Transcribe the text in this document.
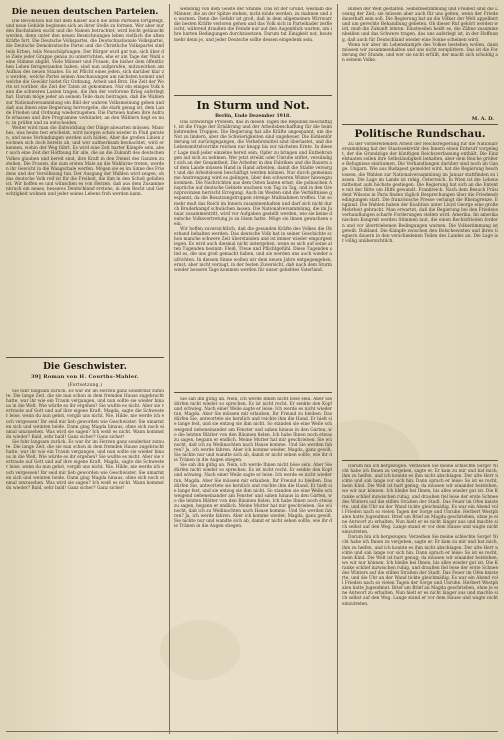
Die neuen deutschen Parteien.

Die Revolution hat mit dem Kaiser auch die alten Parteien fortgefegt, und neue Gebilde beginnen sich an ihrer Stelle zu formen. Wer aber nur den Buchstaben sucht und die Namen betrachtet, wird leicht getäuscht werden, denn unter den neuen Bezeichnungen leben vielfach die alten Kräfte fort. Die Deutsche Volkspartei, die Deutschnationale Volkspartei, die Deutsche Demokratische Partei und die Christliche Volkspartei sind teils Erben, teils Neuschöpfungen. Der Bürger wird gut tun, sich über die Ziele jeder Gruppe genau zu unterrichten, ehe er am Tage der Wahl seine Stimme abgibt. Viele Männer und Frauen, die bisher dem öffentlichen Leben ferngestanden haben, sind nun aufgerufen, mitzuwirken am Aufbau des neuen Staates. Es ist Pflicht eines jeden, sich darüber klar zu werden, welche Partei seinen Anschauungen am nächsten kommt und welche die Gewähr bietet für Ordnung, Arbeit und Brot. Die Zeit der Worte ist vorüber, die Zeit der Taten ist gekommen. Nur ein einiges Volk kann die schweren Lasten tragen, die ihm der verlorene Krieg auferlegt hat. Darum möge jeder an seinem Teile dazu beitragen, daß die Wahlen zur Nationalversammlung ein Bild der wahren Volksmeinung geben und daß aus ihnen eine Regierung hervorgehe, die stark genug ist, dem Lande Frieden und Ordnung wiederzugeben. Die Parteien haben ihre Aufrufe erlassen und ihre Programme verkündet; an den Wählern liegt es nun, zu prüfen und zu entscheiden.

Weiter wird man die Entwicklung der Dinge abwarten müssen. Manches, was heute fest erscheint, wird morgen schon wieder in Fluß geraten, und neue Verbindungen werden sich bilden. Aber die großen Linien zeichnen sich doch bereits ab, und wer aufmerksam beobachtet, wird erkennen, wohin der Weg führt. Es wird eine Zeit harter Kämpfe sein, aber auch eine Zeit der Hoffnung für alle, die an die Zukunft des deutschen Volkes glauben und bereit sind, ihre Kraft in den Dienst des Ganzen zu stellen. Die Frauen, die zum ersten Male an die Wahlurne treten, werden ihr Gewicht in die Waagschale werfen. Mögen sie es im Sinne des Friedens und der Versöhnung tun. Der Ausgang der Wahlen wird zeigen, ob das deutsche Volk reif ist für die Freiheit, die ihm in den Schoß gefallen ist. Wir hoffen es und wünschen es von Herzen, daß aus dem Zusammenbruch ein neues, besseres Deutschland erstehe, in dem Recht und Gerechtigkeit wohnen und jeder seines Lebens froh werden kann.

Die Geschwister.
39] Roman von H. Courths-Mahler.
(Fortsetzung.)

Sie fuhr langsam zurück. Es war ihr im Herzen ganz sonderbar zumute. Die lange Zeit, die sie nun schon in dem fremden Hause zugebracht hatte, war ihr wie ein Traum vergangen, und nun sollte sie wieder hinaus in die Welt. Wie würde es ihr ergehen? Sie wußte es nicht. Aber sie vertraute auf Gott und auf ihre eigene Kraft. Magda, sagte die Schwester leise, wenn du nun gehst, vergiß uns nicht. Nie, Hilde, nie werde ich euch vergessen! Ihr seid mir lieb geworden wie Geschwister. Sie umarmten sich und weinten beide. Dann ging Magda hinaus, ohne sich noch einmal umzusehen. Was wird sie sagen? Ich weiß es nicht. Wann kommst du wieder? Bald, sehr bald! Ganz sicher? Ganz sicher!

Sie fuhr langsam zurück. Es war ihr im Herzen ganz sonderbar zumute. Die lange Zeit, die sie nun schon in dem fremden Hause zugebracht hatte, war ihr wie ein Traum vergangen, und nun sollte sie wieder hinaus in die Welt. Wie würde es ihr ergehen? Sie wußte es nicht. Aber sie vertraute auf Gott und auf ihre eigene Kraft. Magda, sagte die Schwester leise, wenn du nun gehst, vergiß uns nicht. Nie, Hilde, nie werde ich euch vergessen! Ihr seid mir lieb geworden wie Geschwister. Sie umarmten sich und weinten beide. Dann ging Magda hinaus, ohne sich noch einmal umzusehen. Was wird sie sagen? Ich weiß es nicht. Wann kommst du wieder? Bald, sehr bald! Ganz sicher? Ganz sicher!

wendung von dem Geiste der Stunde. Das ist der Grund, weshalb die Männer, die an der Spitze stehen, nicht müde werden, zu mahnen und zu warnen. Denn die Gefahr ist groß, daß in dem allgemeinen Wirrwarr die besten Kräfte verloren gehen und das Volk sich in Parteihader zerfleischt, während draußen die Feinde nur auf den Augenblick warten, um ihre harten Bedingungen durchzusetzen. Darum tut Einigkeit not, heute mehr denn je, und jeder Deutsche sollte dessen eingedenk sein.

In Sturm und Not.
Berlin, Ende Dezember 1918.

Das schwierige Problem, das in diesen Tagen die Republik beschäftigt, ist die Frage der Ernährung und der Arbeitsbeschaffung für die heimkehrenden Truppen. Die Regierung hat alle Kräfte angespannt, um die Not zu lindern, aber die Schwierigkeiten sind ungeheuer. Die Kohlenförderung ist zurückgegangen, die Verkehrsmittel sind überlastet, und die Lebensmittelvorräte reichen nur knapp bis zur nächsten Ernte. In dieser Lage muß jeder einzelne bereit sein, Opfer zu bringen und Entbehrungen auf sich zu nehmen. Wer jetzt streikt oder Unruhe stiftet, versündigt sich an der Gesamtheit. Die Arbeiter in den Fabriken und die Bauern auf dem Lande müssen Hand in Hand arbeiten, damit die Städte versorgt und die Arbeitslosen beschäftigt werden können. Nur durch gemeinsame Anstrengung wird es gelingen, über den schweren Winter hinwegzukommen. Die Nachrichten aus dem Osten lauten ernst; die polnischen Ansprüche auf deutsche Gebiete wachsen von Tag zu Tag, und in den Grenzprovinzen herrscht Erregung. Auch im Westen sind die Verhältnisse gespannt, da die Besatzungstruppen strenge Maßnahmen treffen. Um so mehr muß das Reich im Innern zusammenhalten und darf sich nicht durch Bruderkampf schwächen lassen. Die Nationalversammlung, die im Januar zusammentritt, wird vor Aufgaben gestellt werden, wie sie keine deutsche Volksvertretung je zu lösen hatte. Möge sie ihnen gewachsen sein.

Wir hoffen zuversichtlich, daß die gesunden Kräfte des Volkes die Oberhand behalten werden. Das deutsche Volk hat in seiner Geschichte schon manche schwere Zeit überstanden und ist immer wieder emporgestiegen. Es wird auch diesmal nicht untergehen, wenn es sich auf seine alten Tugenden besinnt: Fleiß, Treue und Pflichtgefühl. Diese Tugenden sind es, die uns groß gemacht haben, und sie werden uns auch wieder aufrichten. In diesem Sinne wollen wir dem neuen Jahre entgegengehen, ernst, aber nicht verzagt, in der festen Zuversicht, daß nach dem Sturm wieder bessere Tage kommen werden für unser geliebtes Vaterland.

Sie sah ihn gütig an. Nein, ich werde Ihnen nicht böse sein. Aber Sie dürfen nicht wieder so sprechen. Es ist nicht recht. Er senkte den Kopf und schwieg. Nach einer Weile sagte er leise: Ich werde es nicht wieder tun, Magda. Aber Sie müssen mir erlauben, Ihr Freund zu bleiben. Das dürfen Sie, antwortete sie herzlich und reichte ihm die Hand. Er hielt sie lange fest, und sie entzog sie ihm nicht. So standen sie eine Weile schweigend nebeneinander am Fenster und sahen hinaus in den Garten, wo die letzten Blätter von den Bäumen fielen. Ich habe Ihnen noch etwas zu sagen, begann er endlich. Meine Mutter hat mir geschrieben. Sie wünscht, daß ich zu Weihnachten nach Hause komme. Und Sie werden fahren? Ja, ich werde fahren. Aber ich komme wieder, Magda, ganz gewiß. Sie nickte nur und wandte sich ab, damit er nicht sehen sollte, wie ihr die Tränen in die Augen stiegen.

Sie sah ihn gütig an. Nein, ich werde Ihnen nicht böse sein. Aber Sie dürfen nicht wieder so sprechen. Es ist nicht recht. Er senkte den Kopf und schwieg. Nach einer Weile sagte er leise: Ich werde es nicht wieder tun, Magda. Aber Sie müssen mir erlauben, Ihr Freund zu bleiben. Das dürfen Sie, antwortete sie herzlich und reichte ihm die Hand. Er hielt sie lange fest, und sie entzog sie ihm nicht. So standen sie eine Weile schweigend nebeneinander am Fenster und sahen hinaus in den Garten, wo die letzten Blätter von den Bäumen fielen. Ich habe Ihnen noch etwas zu sagen, begann er endlich. Meine Mutter hat mir geschrieben. Sie wünscht, daß ich zu Weihnachten nach Hause komme. Und Sie werden fahren? Ja, ich werde fahren. Aber ich komme wieder, Magda, ganz gewiß. Sie nickte nur und wandte sich ab, damit er nicht sehen sollte, wie ihr die Tränen in die Augen stiegen.

Bilden der Welt gestalten. Selbstbestimmung und Freiheit sind die Losung der Zeit; sie müssen aber auch für uns gelten, wenn der Friede dauerhaft sein soll. Die Regierung hat an die Völker der Welt appelliert und um gerechte Behandlung gebeten. Ob dieser Ruf gehört werden wird, muß die Zukunft lehren. Einstweilen heißt es, die Zähne zusammenbeißen und das Schwere tragen, das uns auferlegt ist, in der Hoffnung, daß auch für Deutschland wieder eine Sonne scheinen wird.

Wenn wir aber im Lebenskampfe des Volkes bestehen wollen, dann müssen wir zusammenhalten und uns nicht zersplittern. Das ist die Forderung der Stunde, und wer sie nicht erfüllt, der macht sich schuldig an seinem Volke.

M. A. D.
Politische Rundschau.

Zu der vorbereitenden Arbeit der Reichsregierung für die Nationalversammlung hat der Staatssekretär des Innern einen Entwurf vorgelegt, der die Grundzüge der künftigen Reichsverfassung enthält. Die Einzelstaaten sollen ihre Selbständigkeit behalten, aber dem Reiche größere Befugnisse einräumen. Die Verhandlungen darüber sind noch im Gange. Ungarn. Wie aus Budapest gemeldet wird, hat die Regierung beschlossen, die Wahlen zur Nationalversammlung im Januar stattfinden zu lassen. Die Lage im Lande ist ruhig. Österreich. In Wien ist die Lebensmittelnot aufs höchste gestiegen. Die Regierung hat sich an die Entente mit der Bitte um Hilfe gewandt. Frankreich. Nach dem Besuch Präsident Wilsons in Paris finden täglich Besprechungen über die Friedensbedingungen statt. Die französische Presse verlangt die Rheingrenze. England. Die Wahlen haben der Koalition unter Lloyd George eine große Mehrheit gebracht. Man erwartet, daß die Regierung bei den Friedensverhandlungen scharfe Forderungen stellen wird. Amerika. Im amerikanischen Kongreß werden Stimmen laut, die einen Rechtsfrieden fordern und vor übertriebenen Bedingungen warnen. Die Volksstimmung ist geteilt. Rußland. Die Kämpfe zwischen den Bolschewisten und ihren Gegnern dauern in den verschiedenen Teilen des Landes an. Die Lage ist völlig unübersichtlich.

Darum bin ich hergezogen. Verzeihen Sie meine schlechte Sorge! Nicht habe ich Ihnen zu vergeben, sagte er. Er kam zu mir und bat mich, ihm zu helfen, und ich konnte es ihm nicht abschlagen. Der alte Herr nickte und sah lange vor sich hin. Dann sprach er leise: So ist es recht, mein Kind. Die Welt ist hart genug; da müssen wir einander beistehen, wo wir nur können. Ich bleibe bei Ihnen, bis alles wieder gut ist. Die Kranke schlief inzwischen ruhig, und draußen fiel leise der erste Schnee des Winters auf die stillen Straßen der Stadt. Das Feuer im Ofen knisterte, und die Uhr an der Wand tickte gleichmäßig. Es war ein Abend voll Frieden nach so vielen Tagen der Sorge und Unruhe. Herbert Westphalen hatte Jugendmut. Brief um Brief an Magda geschrieben, ohne je eine Antwort zu erhalten. Nun hielt er es nicht länger aus und machte sich selbst auf den Weg. Lange stand er vor dem Hause und wagte nicht einzutreten.

Darum bin ich hergezogen. Verzeihen Sie meine schlechte Sorge! Nicht habe ich Ihnen zu vergeben, sagte er. Er kam zu mir und bat mich, ihm zu helfen, und ich konnte es ihm nicht abschlagen. Der alte Herr nickte und sah lange vor sich hin. Dann sprach er leise: So ist es recht, mein Kind. Die Welt ist hart genug; da müssen wir einander beistehen, wo wir nur können. Ich bleibe bei Ihnen, bis alles wieder gut ist. Die Kranke schlief inzwischen ruhig, und draußen fiel leise der erste Schnee des Winters auf die stillen Straßen der Stadt. Das Feuer im Ofen knisterte, und die Uhr an der Wand tickte gleichmäßig. Es war ein Abend voll Frieden nach so vielen Tagen der Sorge und Unruhe. Herbert Westphalen hatte Jugendmut. Brief um Brief an Magda geschrieben, ohne je eine Antwort zu erhalten. Nun hielt er es nicht länger aus und machte sich selbst auf den Weg. Lange stand er vor dem Hause und wagte nicht einzutreten.
